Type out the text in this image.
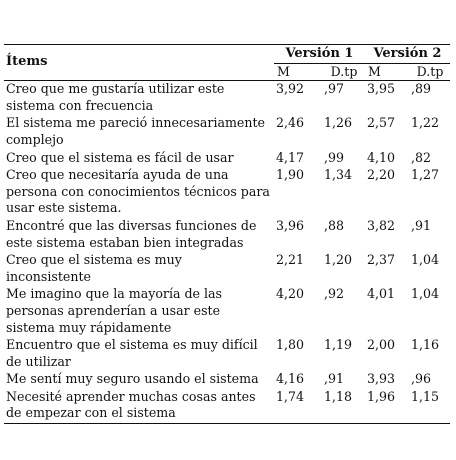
Ítems	Versión 1		Versión 2	
	M	D.tp	M	D.tp
Creo que me gustaría utilizar este sistema con frecuencia	3,92	,97	3,95	,89
El sistema me pareció innecesariamente complejo	2,46	1,26	2,57	1,22
Creo que el sistema es fácil de usar	4,17	,99	4,10	,82
Creo que necesitaría ayuda de una persona con conocimientos técnicos para usar este sistema.	1,90	1,34	2,20	1,27
Encontré que las diversas funciones de este sistema estaban bien integradas	3,96	,88	3,82	,91
Creo que el sistema es muy inconsistente	2,21	1,20	2,37	1,04
Me imagino que la mayoría de las personas aprenderían a usar este sistema muy rápidamente	4,20	,92	4,01	1,04
Encuentro que el sistema es muy difícil de utilizar	1,80	1,19	2,00	1,16
Me sentí muy seguro usando el sistema	4,16	,91	3,93	,96
Necesité aprender muchas cosas antes de empezar con el sistema	1,74	1,18	1,96	1,15
